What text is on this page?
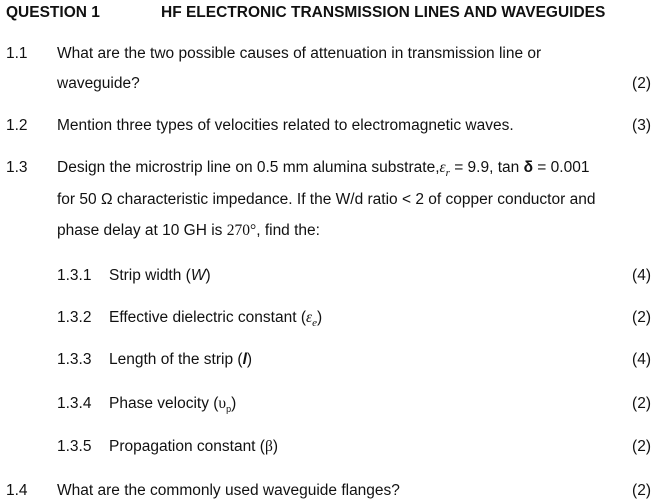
QUESTION 1	HF ELECTRONIC TRANSMISSION LINES AND WAVEGUIDES
1.1 What are the two possible causes of attenuation in transmission line or
waveguide?	(2)
1.2 Mention three types of velocities related to electromagnetic waves.	(3)
1.3 Design the microstrip line on 0.5 mm alumina $substrate,\varepsilon_r = 9.9$, tan δ = 0.001
for 50 Ω characteristic impedance. If the W/d ratio < 2 of copper conductor and
phase delay at 10 GH is 270°, find the:
1.3.1 Strip width (W)	(4)
1.3.2 Effective dielectric constant $(\varepsilon_e)$	(2)
1.3.3 Length of the strip (l)	(4)
1.3.4 Phase velocity $(\upsilon_p)$	(2)
1.3.5 Propagation constant (β)	(2)
1.4 What are the commonly used waveguide flanges?	(2)
